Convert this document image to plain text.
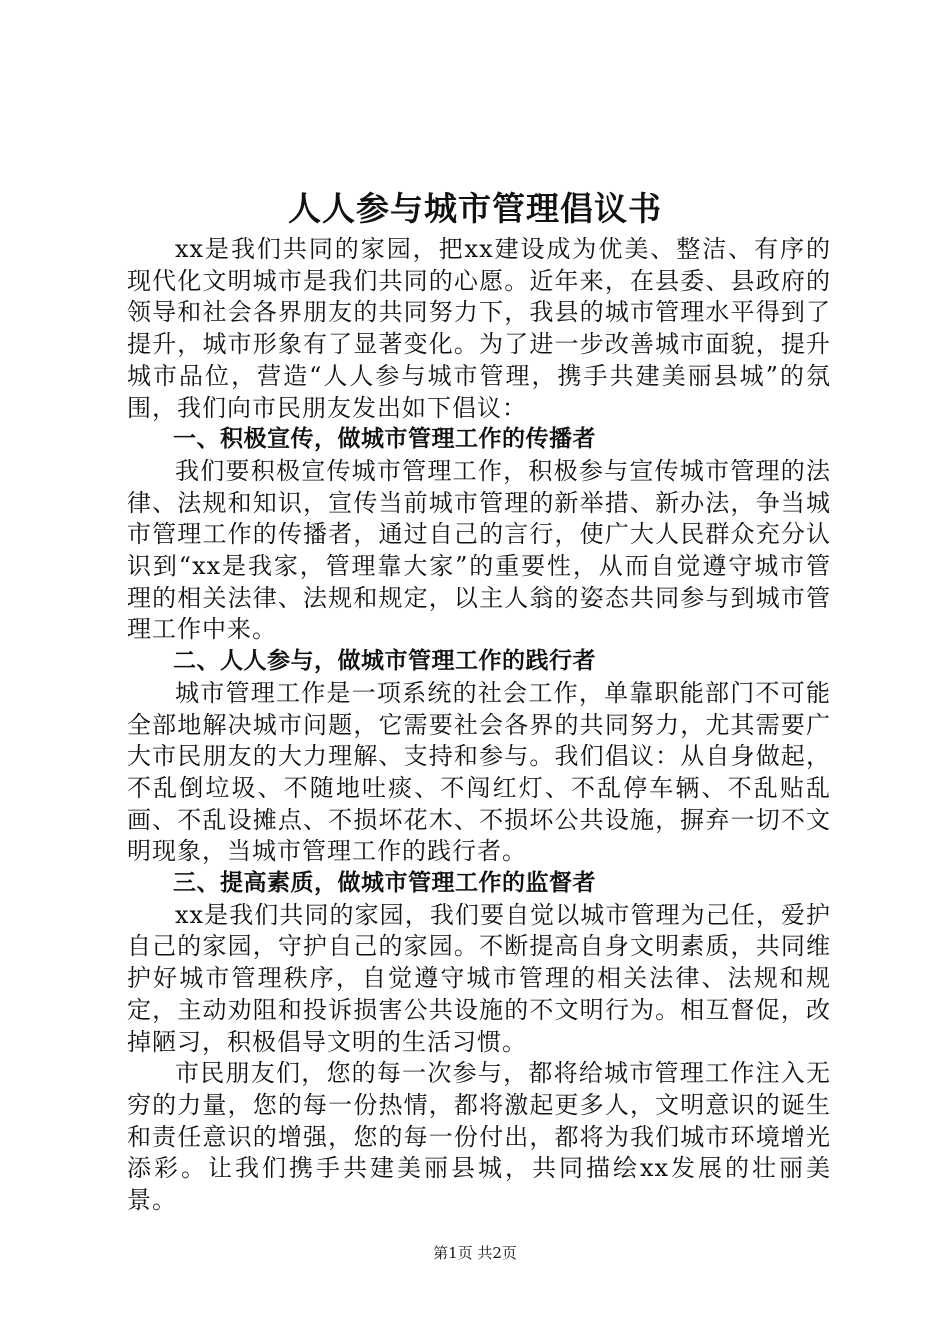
人人参与城市管理倡议书

xx是我们共同的家园，把xx建设成为优美、整洁、有序的现代化文明城市是我们共同的心愿。近年来，在县委、县政府的领导和社会各界朋友的共同努力下，我县的城市管理水平得到了提升，城市形象有了显著变化。为了进一步改善城市面貌，提升城市品位，营造“人人参与城市管理，携手共建美丽县城”的氛围，我们向市民朋友发出如下倡议：

一、积极宣传，做城市管理工作的传播者

我们要积极宣传城市管理工作，积极参与宣传城市管理的法律、法规和知识，宣传当前城市管理的新举措、新办法，争当城市管理工作的传播者，通过自己的言行，使广大人民群众充分认识到“xx是我家，管理靠大家”的重要性，从而自觉遵守城市管理的相关法律、法规和规定，以主人翁的姿态共同参与到城市管理工作中来。

二、人人参与，做城市管理工作的践行者

城市管理工作是一项系统的社会工作，单靠职能部门不可能全部地解决城市问题，它需要社会各界的共同努力，尤其需要广大市民朋友的大力理解、支持和参与。我们倡议：从自身做起，不乱倒垃圾、不随地吐痰、不闯红灯、不乱停车辆、不乱贴乱画、不乱设摊点、不损坏花木、不损坏公共设施，摒弃一切不文明现象，当城市管理工作的践行者。

三、提高素质，做城市管理工作的监督者

xx是我们共同的家园，我们要自觉以城市管理为己任，爱护自己的家园，守护自己的家园。不断提高自身文明素质，共同维护好城市管理秩序，自觉遵守城市管理的相关法律、法规和规定，主动劝阻和投诉损害公共设施的不文明行为。相互督促，改掉陋习，积极倡导文明的生活习惯。

市民朋友们，您的每一次参与，都将给城市管理工作注入无穷的力量，您的每一份热情，都将激起更多人，文明意识的诞生和责任意识的增强，您的每一份付出，都将为我们城市环境增光添彩。让我们携手共建美丽县城，共同描绘xx发展的壮丽美景。

第1页 共2页
